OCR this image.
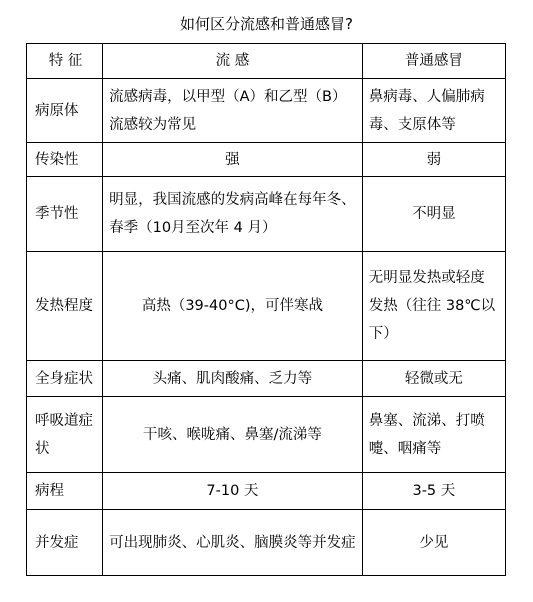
如何区分流感和普通感冒?
特 征	流 感	普通感冒
病原体	流感病毒，以甲型（A）和乙型（B）流感较为常见	鼻病毒、人偏肺病毒、支原体等
传染性	强	弱
季节性	明显，我国流感的发病高峰在每年冬、春季（10月至次年 4 月）	不明显
发热程度	高热（39-40°C)，可伴寒战	无明显发热或轻度发热（往往 38℃以下）
全身症状	头痛、肌肉酸痛、乏力等	轻微或无
呼吸道症状	干咳、喉咙痛、鼻塞/流涕等	鼻塞、流涕、打喷嚏、咽痛等
病程	7-10 天	3-5 天
并发症	可出现肺炎、心肌炎、脑膜炎等并发症	少见
